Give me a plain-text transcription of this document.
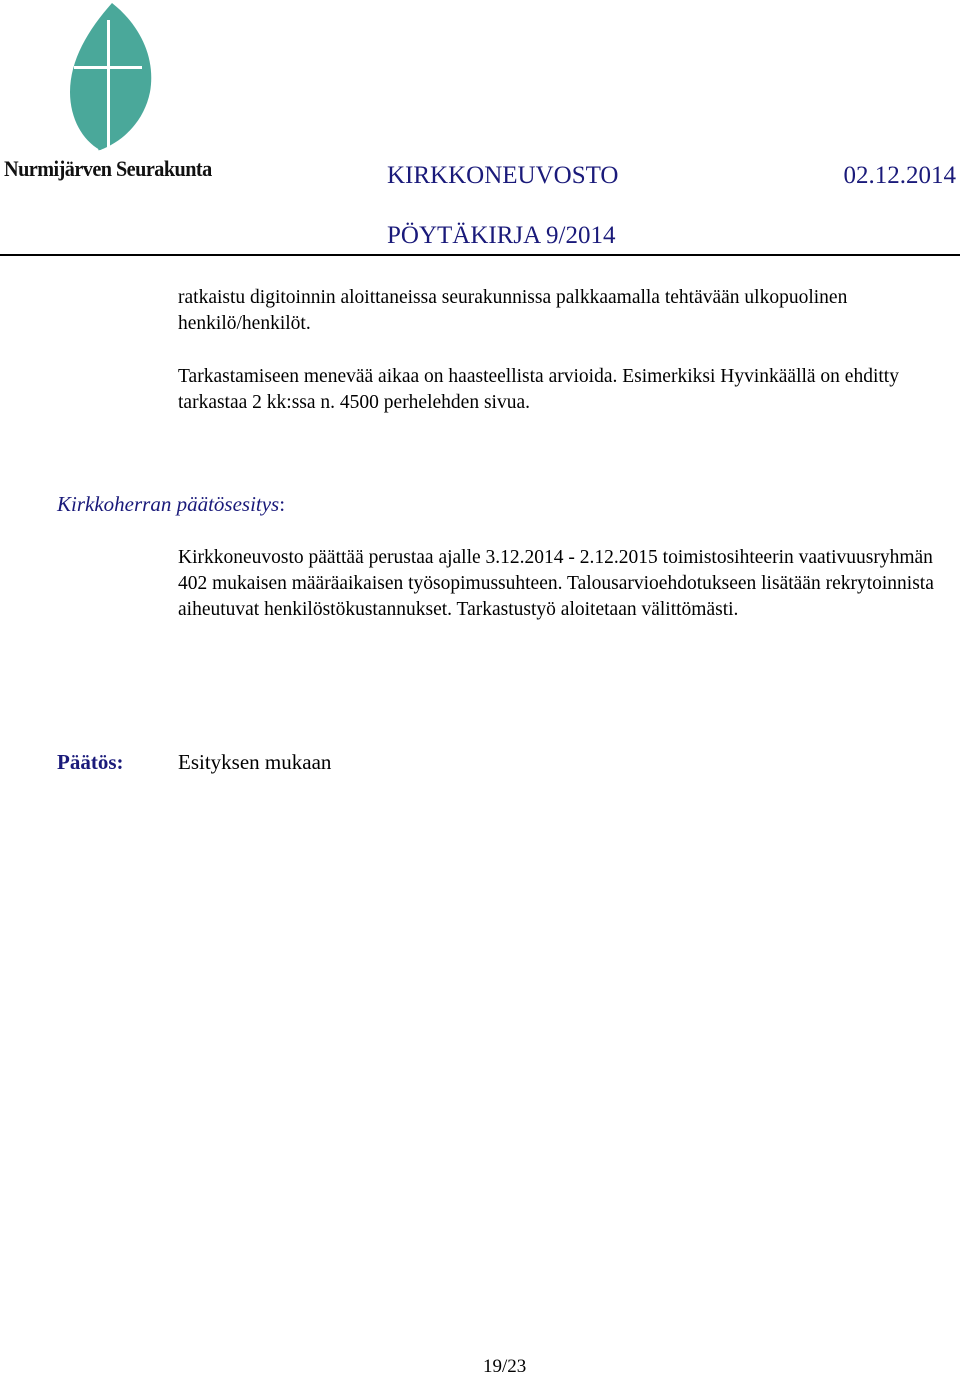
Nurmijärven Seurakunta	KIRKKONEUVOSTO	02.12.2014
PÖYTÄKIRJA 9/2014

ratkaistu digitoinnin aloittaneissa seurakunnissa palkkaamalla tehtävään ulkopuolinen henkilö/henkilöt.

Tarkastamiseen menevää aikaa on haasteellista arvioida. Esimerkiksi Hyvinkäällä on ehditty tarkastaa 2 kk:ssa n. 4500 perhelehden sivua.

Kirkkoherran päätösesitys:

Kirkkoneuvosto päättää perustaa ajalle 3.12.2014 - 2.12.2015 toimistosihteerin vaativuusryhmän 402 mukaisen määräaikaisen työsopimussuhteen. Talousarvioehdotukseen lisätään rekrytoinnista aiheutuvat henkilöstökustannukset. Tarkastustyö aloitetaan välittömästi.

Päätös:	Esityksen mukaan
19/23
